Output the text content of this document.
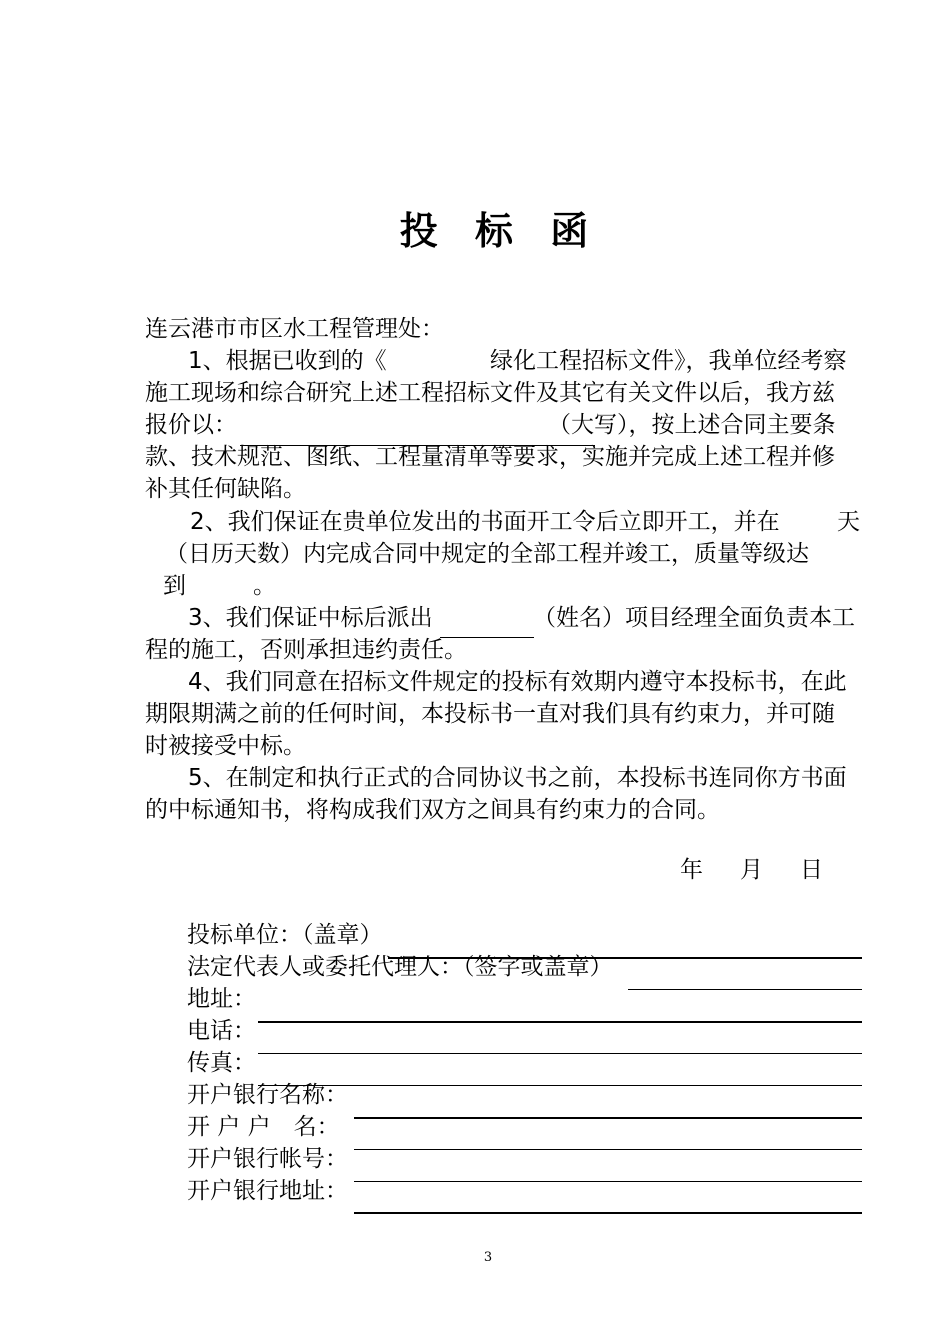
投 标 函
连云港市市区水工程管理处：
1、根据已收到的《	绿化工程招标文件》，我单位经考察
施工现场和综合研究上述工程招标文件及其它有关文件以后，我方兹
报价以：	（大写），按上述合同主要条
款、技术规范、图纸、工程量清单等要求，实施并完成上述工程并修
补其任何缺陷。
2、我们保证在贵单位发出的书面开工令后立即开工，并在 天
（日历天数）内完成合同中规定的全部工程并竣工，质量等级达
到	。
3、我们保证中标后派出	（姓名）项目经理全面负责本工
程的施工，否则承担违约责任。
4、我们同意在招标文件规定的投标有效期内遵守本投标书，在此
期限期满之前的任何时间，本投标书一直对我们具有约束力，并可随
时被接受中标。
5、在制定和执行正式的合同协议书之前，本投标书连同你方书面
的中标通知书，将构成我们双方之间具有约束力的合同。
年 月 日
投标单位：（盖章）
法定代表人或委托代理人：（签字或盖章）
地址：
电话：
传真：
开户银行名称：
开 户 户　名：
开户银行帐号：
开户银行地址：
3
